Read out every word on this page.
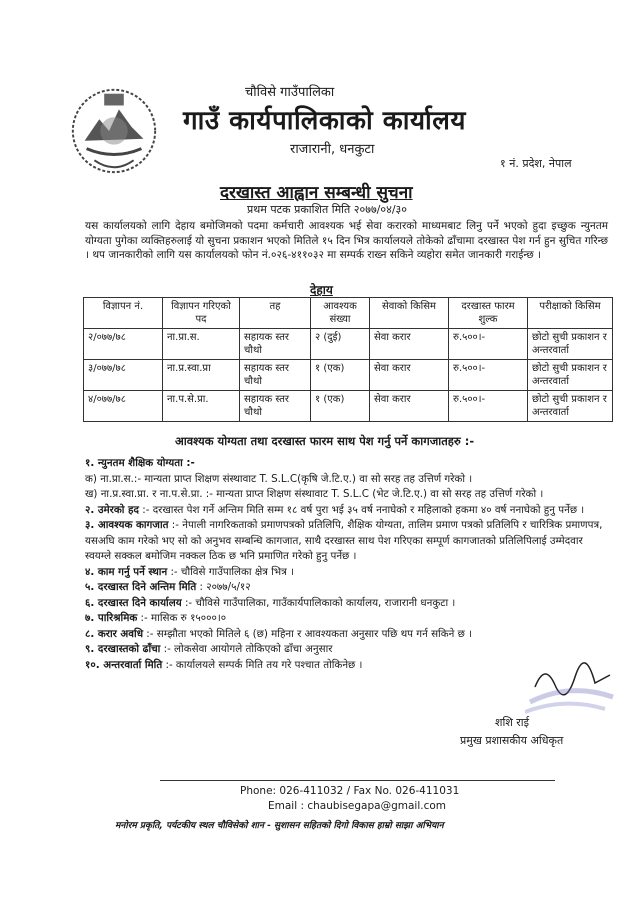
चौविसे गाउँपालिका
गाउँ कार्यपालिकाको कार्यालय
राजारानी, धनकुटा
१ नं. प्रदेश, नेपाल
दरखास्त आह्वान सम्बन्धी सुचना
प्रथम पटक प्रकाशित मिति २०७७/०४/३०
यस कार्यालयको लागि देहाय बमोजिमको पदमा कर्मचारी आवश्यक भई सेवा करारको माध्यमबाट लिनु पर्ने भएको हुदा इच्छुक न्युनतम योग्यता पुगेका व्यक्तिहरुलाई यो सुचना प्रकाशन भएको मितिले १५ दिन भित्र कार्यालयले तोकेको ढाँचामा दरखास्त पेश गर्न हुन सुचित गरिन्छ । थप जानकारीको लागि यस कार्यालयको फोन नं.०२६-४११०३२ मा सम्पर्क राख्न सकिने व्यहोरा समेत जानकारी गराईन्छ ।
देहाय
विज्ञापन नं.	विज्ञापन गरिएको पद	तह	आवश्यक संख्या	सेवाको किसिम	दरखास्त फारम शुल्क	परीक्षाको किसिम
२/०७७/७८	ना.प्रा.स.	सहायक स्तर चौथो	२ (दुई)	सेवा करार	रु.५००।-	छोटो सुची प्रकाशन र अन्तरवार्ता
३/०७७/७८	ना.प्र.स्वा.प्रा	सहायक स्तर चौथो	१ (एक)	सेवा करार	रु.५००।-	छोटो सुची प्रकाशन र अन्तरवार्ता
४/०७७/७८	ना.प.से.प्रा.	सहायक स्तर चौथो	१ (एक)	सेवा करार	रु.५००।-	छोटो सुची प्रकाशन र अन्तरवार्ता
आवश्यक योग्यता तथा दरखास्त फारम साथ पेश गर्नु पर्ने कागजातहरु :-

१. न्युनतम शैक्षिक योग्यता :-

क) ना.प्रा.स.:- मान्यता प्राप्त शिक्षण संस्थावाट T. S.L.C(कृषि जे.टि.ए.) वा सो सरह तह उत्तिर्ण गरेको ।

ख) ना.प्र.स्वा.प्रा. र ना.प.से.प्रा. :- मान्यता प्राप्त शिक्षण संस्थावाट T. S.L.C (भेट जे.टि.ए.) वा सो सरह तह उत्तिर्ण गरेको ।

२. उमेरको हद :- दरखास्त पेश गर्ने अन्तिम मिति सम्म १८ वर्ष पुरा भई ३५ वर्ष ननाघेको र महिलाको हकमा ४० वर्ष ननाघेको हुनु पर्नेछ ।

३. आवश्यक कागजात :- नेपाली नागरिकताको प्रमाणपत्रको प्रतिलिपि, शैक्षिक योग्यता, तालिम प्रमाण पत्रको प्रतिलिपि र चारित्रिक प्रमाणपत्र, यसअघि काम गरेको भए सो को अनुभव सम्बन्धि कागजात, साथै दरखास्त साथ पेश गरिएका सम्पूर्ण कागजातको प्रतिलिपिलाई उम्मेदवार स्वयम्ले सक्कल बमोजिम नक्कल ठिक छ भनि प्रमाणित गरेको हुनु पर्नेछ ।

४. काम गर्नु पर्ने स्थान :- चौविसे गाउँपालिका क्षेत्र भित्र ।

५. दरखास्त दिने अन्तिम मिति : २०७७/५/१२

६. दरखास्त दिने कार्यालय :- चौविसे गाउँपालिका, गाउँकार्यपालिकाको कार्यालय, राजारानी धनकुटा ।

७. पारिश्रमिक :- मासिक रु १५०००।०

८. करार अवधि :- सम्झौता भएको मितिले ६ (छ) महिना र आवश्यकता अनुसार पछि थप गर्न सकिने छ ।

९. दरखास्तको ढाँचा :- लोकसेवा आयोगले तोकिएको ढाँचा अनुसार

१०. अन्तरवार्ता मिति :- कार्यालयले सम्पर्क मिति तय गरे पश्चात तोकिनेछ ।

शशि राई
प्रमुख प्रशासकीय अधिकृत
Phone: 026-411032 / Fax No. 026-411031
Email : chaubisegapa@gmail.com
मनोरम प्रकृति, पर्यटकीय स्थल चौविसेको शान - सुशासन सहितको दिगो विकास हाम्रो साझा अभियान
